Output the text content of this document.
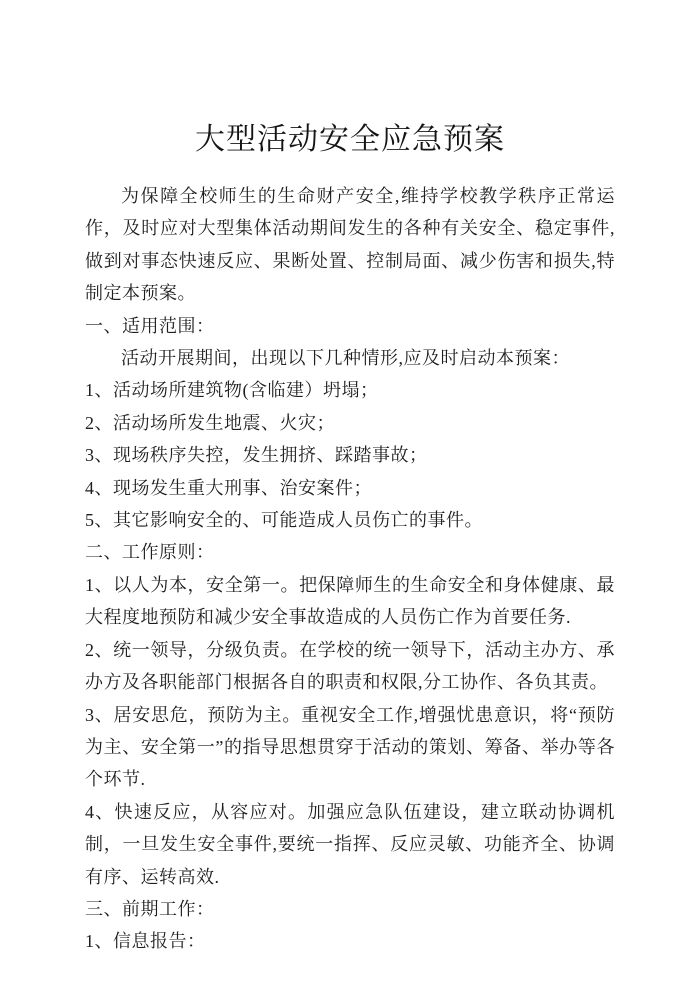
大型活动安全应急预案

为保障全校师生的生命财产安全,维持学校教学秩序正常运作，及时应对大型集体活动期间发生的各种有关安全、稳定事件,做到对事态快速反应、果断处置、控制局面、减少伤害和损失,特制定本预案。

一、适用范围：

活动开展期间，出现以下几种情形,应及时启动本预案：

1、活动场所建筑物(含临建）坍塌；

2、活动场所发生地震、火灾；

3、现场秩序失控，发生拥挤、踩踏事故；

4、现场发生重大刑事、治安案件；

5、其它影响安全的、可能造成人员伤亡的事件。

二、工作原则：

1、以人为本，安全第一。把保障师生的生命安全和身体健康、最大程度地预防和减少安全事故造成的人员伤亡作为首要任务.

2、统一领导，分级负责。在学校的统一领导下，活动主办方、承办方及各职能部门根据各自的职责和权限,分工协作、各负其责。

3、居安思危，预防为主。重视安全工作,增强忧患意识，将“预防为主、安全第一”的指导思想贯穿于活动的策划、筹备、举办等各个环节.

4、快速反应，从容应对。加强应急队伍建设，建立联动协调机制，一旦发生安全事件,要统一指挥、反应灵敏、功能齐全、协调有序、运转高效.

三、前期工作：

1、信息报告：
